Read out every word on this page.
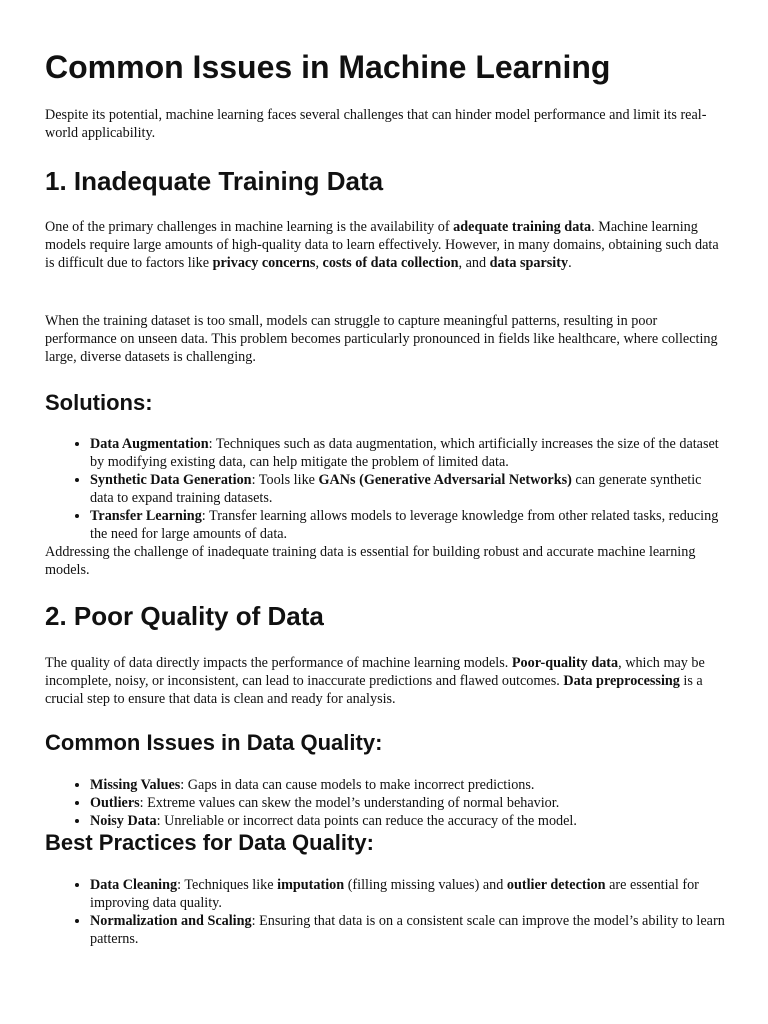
Common Issues in Machine Learning

Despite its potential, machine learning faces several challenges that can hinder model performance and limit its real-world applicability.

1. Inadequate Training Data

One of the primary challenges in machine learning is the availability of adequate training data. Machine learning models require large amounts of high-quality data to learn effectively. However, in many domains, obtaining such data is difficult due to factors like privacy concerns, costs of data collection, and data sparsity.

When the training dataset is too small, models can struggle to capture meaningful patterns, resulting in poor performance on unseen data. This problem becomes particularly pronounced in fields like healthcare, where collecting large, diverse datasets is challenging.

Solutions:
• Data Augmentation: Techniques such as data augmentation, which artificially increases the size of the dataset by modifying existing data, can help mitigate the problem of limited data.
• Synthetic Data Generation: Tools like GANs (Generative Adversarial Networks) can generate synthetic data to expand training datasets.
• Transfer Learning: Transfer learning allows models to leverage knowledge from other related tasks, reducing the need for large amounts of data.

Addressing the challenge of inadequate training data is essential for building robust and accurate machine learning models.

2. Poor Quality of Data

The quality of data directly impacts the performance of machine learning models. Poor-quality data, which may be incomplete, noisy, or inconsistent, can lead to inaccurate predictions and flawed outcomes. Data preprocessing is a crucial step to ensure that data is clean and ready for analysis.

Common Issues in Data Quality:
• Missing Values: Gaps in data can cause models to make incorrect predictions.
• Outliers: Extreme values can skew the model’s understanding of normal behavior.
• Noisy Data: Unreliable or incorrect data points can reduce the accuracy of the model.
Best Practices for Data Quality:
• Data Cleaning: Techniques like imputation (filling missing values) and outlier detection are essential for improving data quality.
• Normalization and Scaling: Ensuring that data is on a consistent scale can improve the model’s ability to learn patterns.
